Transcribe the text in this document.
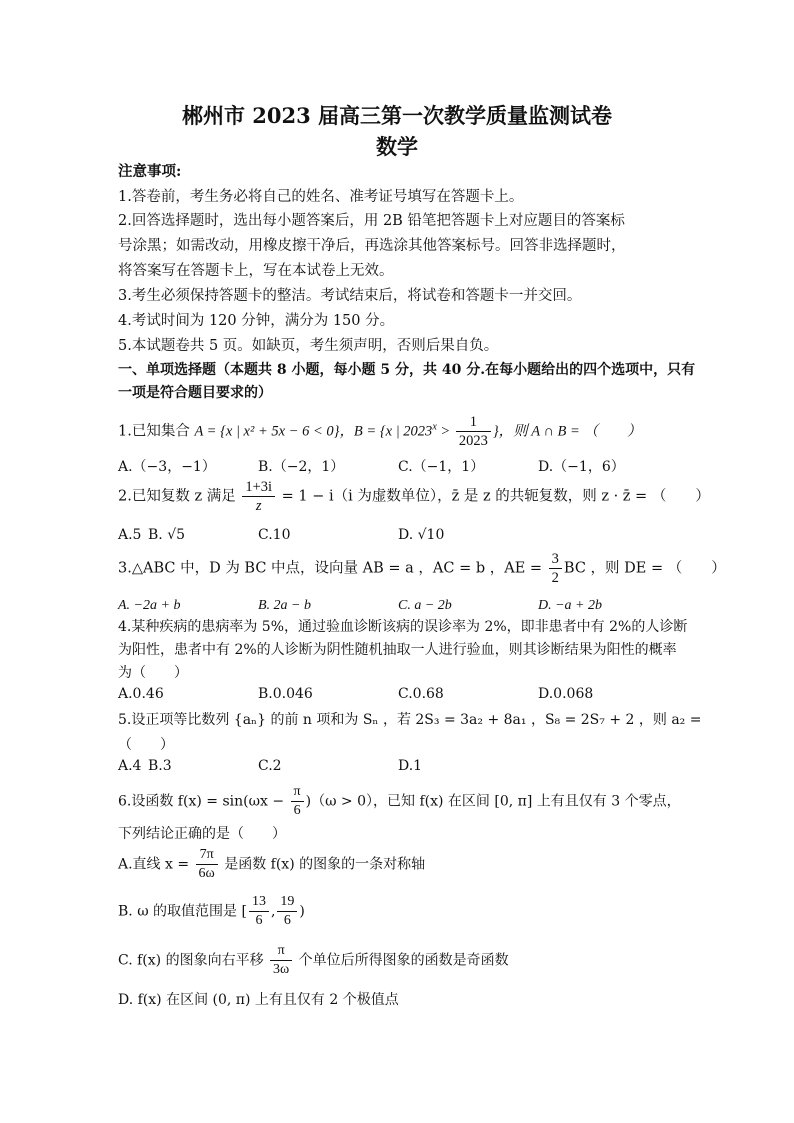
郴州市 2023 届高三第一次教学质量监测试卷
数学
注意事项:
1.答卷前，考生务必将自己的姓名、准考证号填写在答题卡上。
2.回答选择题时，选出每小题答案后，用 2B 铅笔把答题卡上对应题目的答案标
号涂黑；如需改动，用橡皮擦干净后，再选涂其他答案标号。回答非选择题时，
将答案写在答题卡上，写在本试卷上无效。
3.考生必须保持答题卡的整洁。考试结束后，将试卷和答题卡一并交回。
4.考试时间为 120 分钟，满分为 150 分。
5.本试题卷共 5 页。如缺页，考生须声明，否则后果自负。
一、单项选择题（本题共 8 小题，每小题 5 分，共 40 分.在每小题给出的四个选项中，只有
一项是符合题目要求的）
1.已知集合 A = {x | x² + 5x − 6 < 0}，B = {x | $2023^x > \frac{1}{2023}$ }，则 A ∩ B = （　　）
A.（−3，−1）	B.（−2，1）	C.（−1，1）	D.（−1，6）
2.已知复数 z 满足 $\frac{1+3i}{z} = 1 - i(i$ 为虚数单位），z̄ 是 z 的共轭复数，则 z · z̄ = （　　）
A.5 B. √5	C.10	D. √10
3.△ABC 中，D 为 BC 中点，设向量 AB = a ，AC = b ，AE = $\frac{3}{2}$ BC ，则 DE = （　　）
A. −2a + b	B. 2a − b	C. a − 2b	D. −a + 2b
4.某种疾病的患病率为 5%，通过验血诊断该病的误诊率为 2%，即非患者中有 2%的人诊断
为阳性，患者中有 2%的人诊断为阴性随机抽取一人进行验血，则其诊断结果为阳性的概率
为（　　）
A.0.46	B.0.046	C.0.68	D.0.068
5.设正项等比数列 {aₙ} 的前 n 项和为 Sₙ ，若 2S₃ = 3a₂ + 8a₁ ，S₈ = 2S₇ + 2 ，则 a₂ =
（　　）
A.4 B.3	C.2	D.1
6.设函数 $f(x) = \sin(\omega x - \frac{\pi}{6} )(\omega > 0)$，已知 f(x) 在区间 [0, π] 上有且仅有 3 个零点，
下列结论正确的是（　　）
A.直线 $x = \frac{7\pi}{6\omega}$ 是函数 f(x) 的图象的一条对称轴
B. ω 的取值范围是 [ $\frac{13}{6}$ , $\frac{19}{6}$ )
C. f(x) 的图象向右平移 $\frac{\pi}{3\omega}$ 个单位后所得图象的函数是奇函数
D. f(x) 在区间 (0, π) 上有且仅有 2 个极值点
